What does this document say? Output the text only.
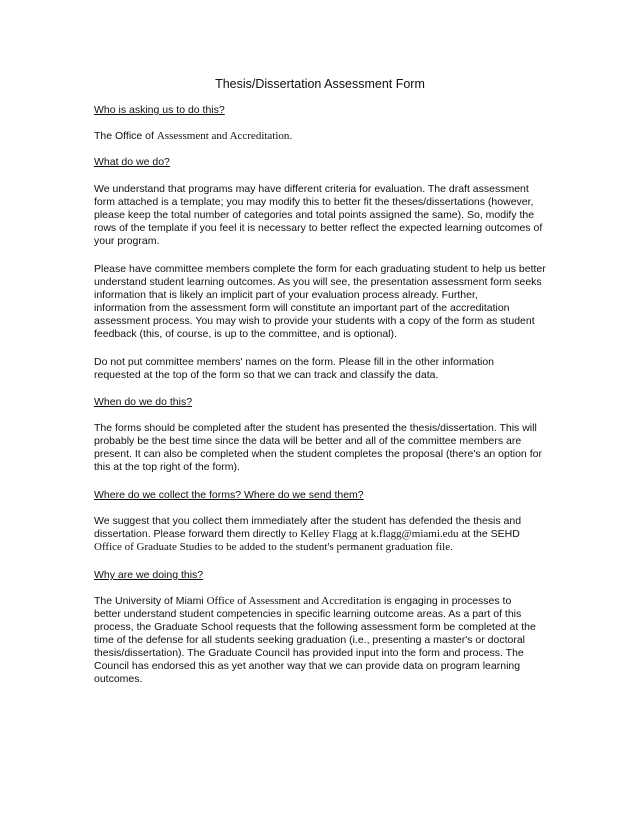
Thesis/Dissertation Assessment Form
Who is asking us to do this?
The Office of Assessment and Accreditation.
What do we do?
We understand that programs may have different criteria for evaluation. The draft assessment
form attached is a template; you may modify this to better fit the theses/dissertations (however,
please keep the total number of categories and total points assigned the same). So, modify the
rows of the template if you feel it is necessary to better reflect the expected learning outcomes of
your program.
Please have committee members complete the form for each graduating student to help us better
understand student learning outcomes. As you will see, the presentation assessment form seeks
information that is likely an implicit part of your evaluation process already. Further,
information from the assessment form will constitute an important part of the accreditation
assessment process. You may wish to provide your students with a copy of the form as student
feedback (this, of course, is up to the committee, and is optional).
Do not put committee members' names on the form. Please fill in the other information
requested at the top of the form so that we can track and classify the data.
When do we do this?
The forms should be completed after the student has presented the thesis/dissertation. This will
probably be the best time since the data will be better and all of the committee members are
present. It can also be completed when the student completes the proposal (there's an option for
this at the top right of the form).
Where do we collect the forms? Where do we send them?
We suggest that you collect them immediately after the student has defended the thesis and
dissertation. Please forward them directly to Kelley Flagg at k.flagg@miami.edu at the SEHD
Office of Graduate Studies to be added to the student's permanent graduation file.
Why are we doing this?
The University of Miami Office of Assessment and Accreditation is engaging in processes to
better understand student competencies in specific learning outcome areas. As a part of this
process, the Graduate School requests that the following assessment form be completed at the
time of the defense for all students seeking graduation (i.e., presenting a master's or doctoral
thesis/dissertation). The Graduate Council has provided input into the form and process. The
Council has endorsed this as yet another way that we can provide data on program learning
outcomes.
